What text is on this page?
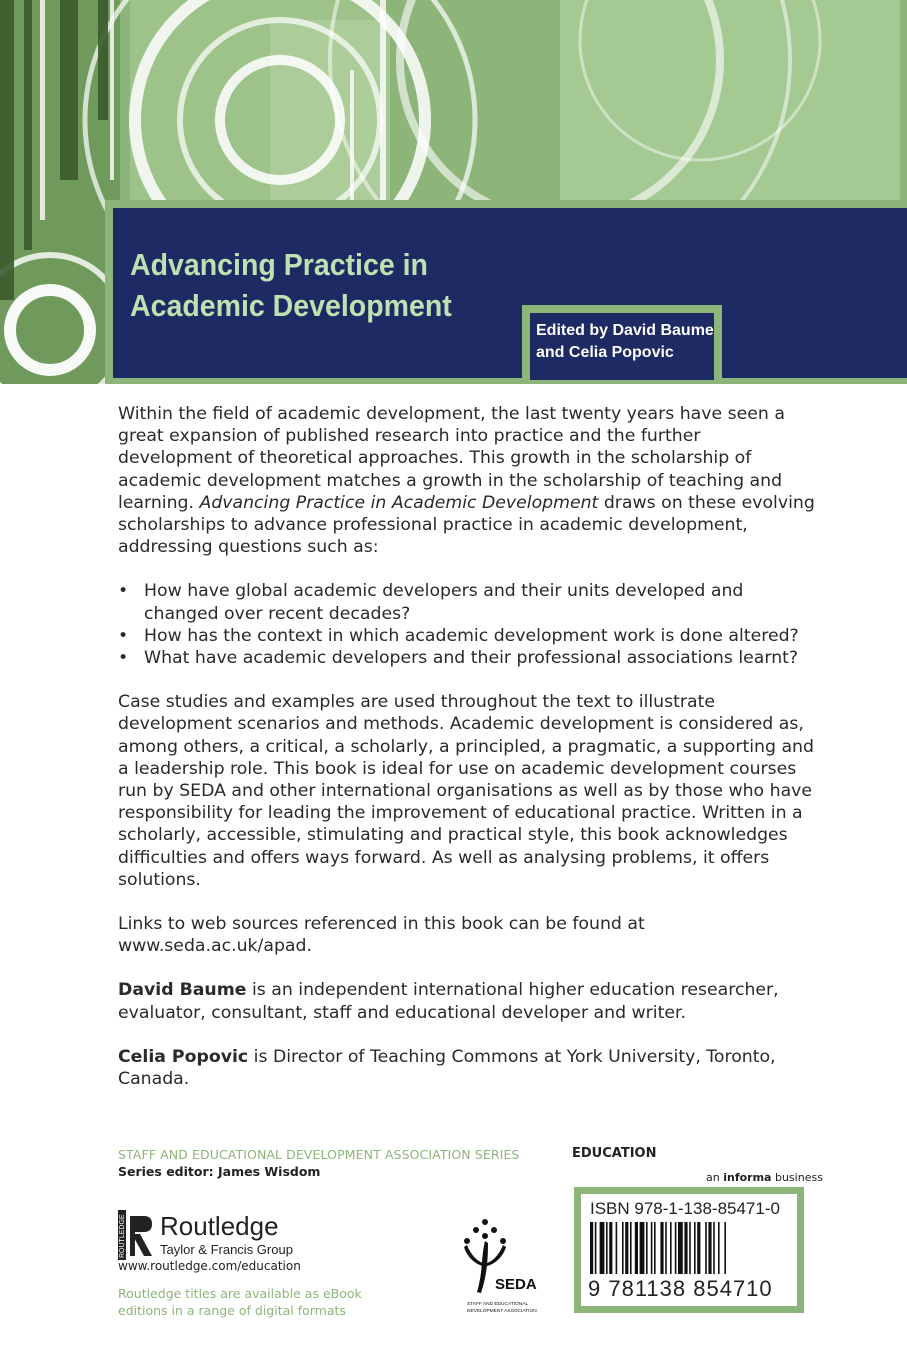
Advancing Practice in
Academic Development
Edited by David Baume
and Celia Popovic

Within the field of academic development, the last twenty years have seen a great expansion of published research into practice and the further development of theoretical approaches. This growth in the scholarship of academic development matches a growth in the scholarship of teaching and learning. Advancing Practice in Academic Development draws on these evolving scholarships to advance professional practice in academic development, addressing questions such as:

• How have global academic developers and their units developed and changed over recent decades?
• How has the context in which academic development work is done altered?
• What have academic developers and their professional associations learnt?

Case studies and examples are used throughout the text to illustrate development scenarios and methods. Academic development is considered as, among others, a critical, a scholarly, a principled, a pragmatic, a supporting and a leadership role. This book is ideal for use on academic development courses run by SEDA and other international organisations as well as by those who have responsibility for leading the improvement of educational practice. Written in a scholarly, accessible, stimulating and practical style, this book acknowledges difficulties and offers ways forward. As well as analysing problems, it offers solutions.

Links to web sources referenced in this book can be found at www.seda.ac.uk/apad.

David Baume is an independent international higher education researcher, evaluator, consultant, staff and educational developer and writer.

Celia Popovic is Director of Teaching Commons at York University, Toronto, Canada.

STAFF AND EDUCATIONAL DEVELOPMENT ASSOCIATION SERIES
Series editor: James Wisdom
EDUCATION
an informa business
ROUTLEDGE Routledge
Taylor & Francis Group
www.routledge.com/education
Routledge titles are available as eBook
editions in a range of digital formats
SEDA
STAFF AND EDUCATIONAL
DEVELOPMENT ASSOCIATION
ISBN 978-1-138-85471-0
9 781138 854710
